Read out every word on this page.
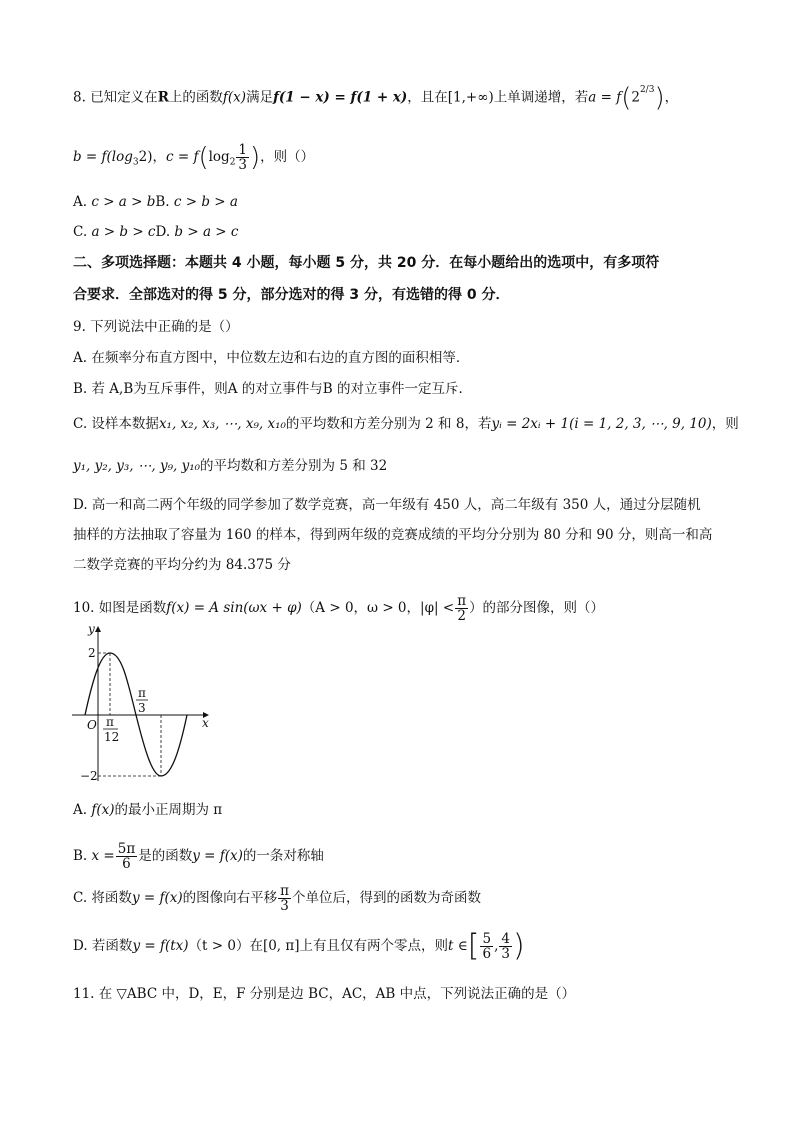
8. 已知定义在R上的函数f(x)满足f(1 − x) = f(1 + x)，且在[1,+∞)上单调递增，若$a = f(2^{2/3})$，
$b = f(\log_32)$，$c = f(\log_2 \frac{1}{3}$ )，则（）
A. c > a > bB. c > b > a
C. a > b > cD. b > a > c
二、多项选择题：本题共 4 小题，每小题 5 分，共 20 分．在每小题给出的选项中，有多项符
合要求．全部选对的得 5 分，部分选对的得 3 分，有选错的得 0 分．
9. 下列说法中正确的是（）
A. 在频率分布直方图中，中位数左边和右边的直方图的面积相等．
B. 若 A,B为互斥事件，则A 的对立事件与B 的对立事件一定互斥．
C. 设样本数据x₁, x₂, x₃, ⋯, x₉, x₁₀的平均数和方差分别为 2 和 8，若yᵢ = 2xᵢ + 1(i = 1, 2, 3, ⋯, 9, 10)，则
y₁, y₂, y₃, ⋯, y₉, y₁₀的平均数和方差分别为 5 和 32
D. 高一和高二两个年级的同学参加了数学竞赛，高一年级有 450 人，高二年级有 350 人，通过分层随机
抽样的方法抽取了容量为 160 的样本，得到两年级的竞赛成绩的平均分分别为 80 分和 90 分，则高一和高
二数学竞赛的平均分约为 84.375 分
10. 如图是函数f(x) = A sin(ωx + φ)（A > 0，ω > 0，$|\varphi| < \frac{\pi}{2}$ ）的部分图像，则（）
y
x
O
2
−2
π
12
π
3
A. f(x)的最小正周期为 π
B. $x = \frac{5\pi}{6}$ 是的函数y = f(x)的一条对称轴
C. 将函数y = f(x)的图像向右平移 $\frac{\pi}{3}$ 个单位后，得到的函数为奇函数
D. 若函数y = f(tx)（t > 0）在[0, π]上有且仅有两个零点，则t ∈[ $\frac{5}{6}$ , $\frac{4}{3}$ )
11. 在 ▽ABC 中，D，E，F 分别是边 BC，AC，AB 中点，下列说法正确的是（）
